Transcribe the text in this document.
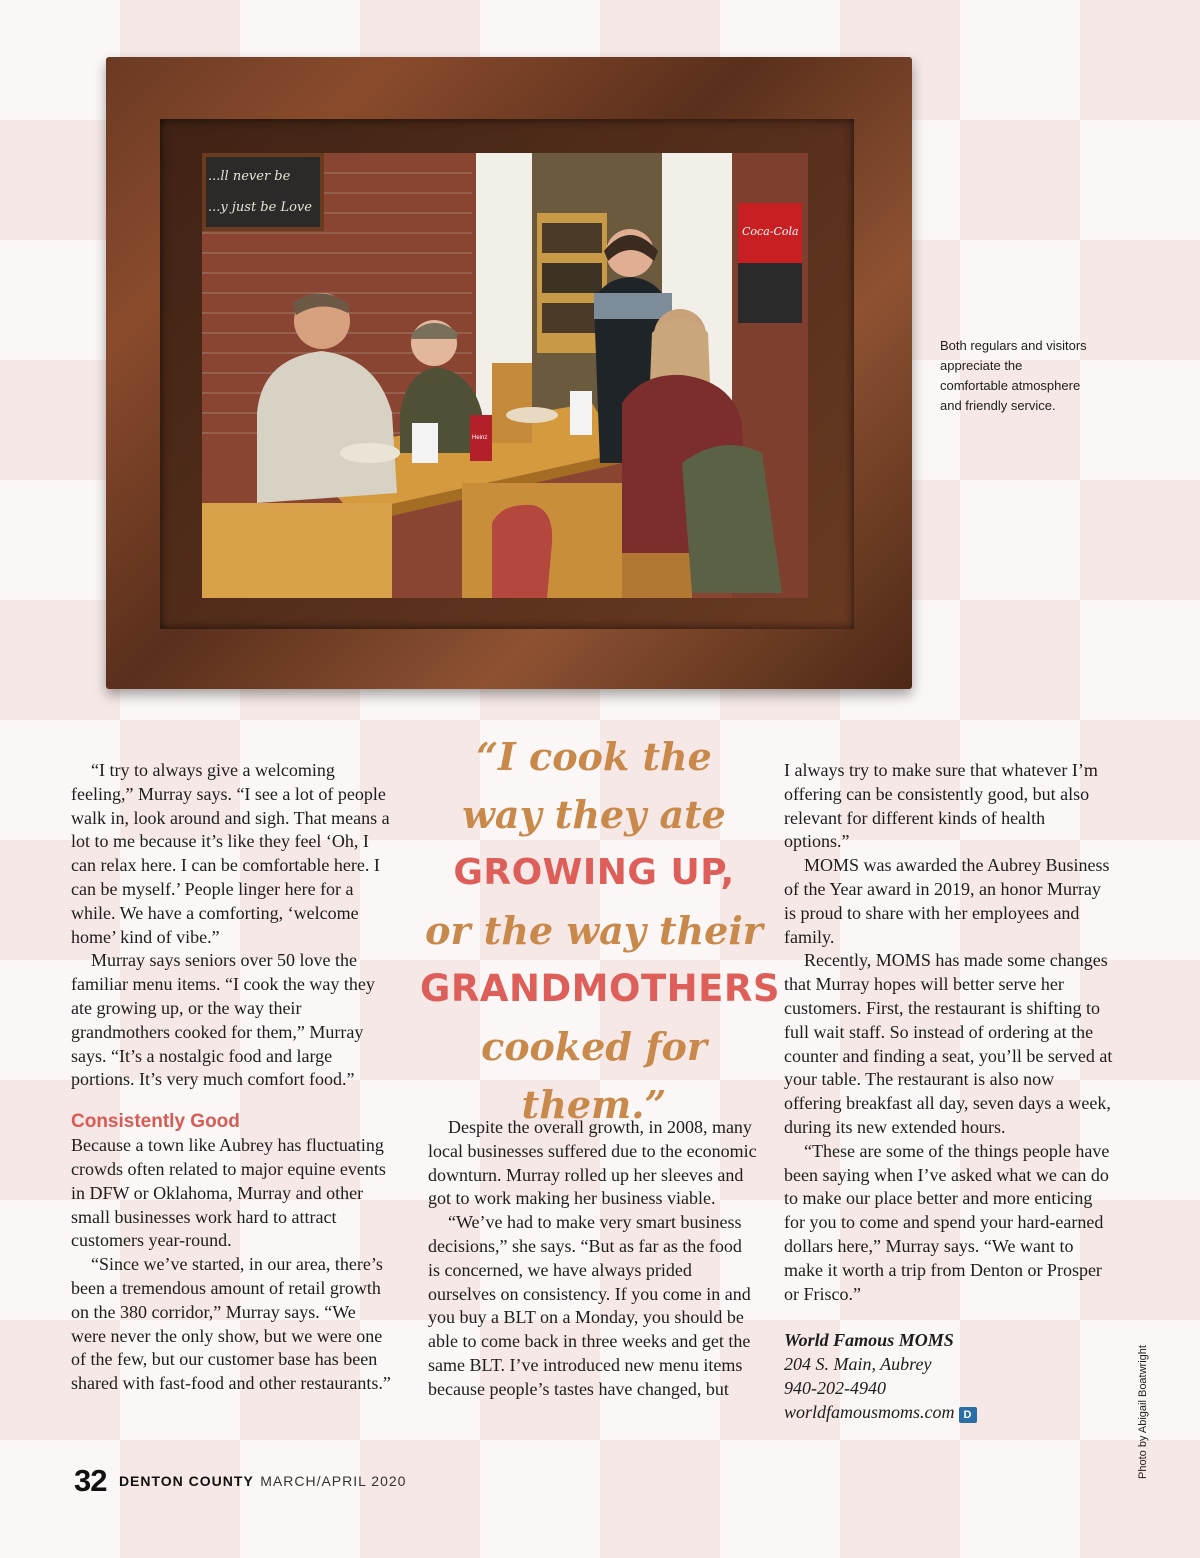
...ll never be
...y just be Love
Coca-Cola
Heinz
Both regulars and visitors appreciate the comfortable atmosphere and friendly service.

“I try to always give a welcoming feeling,” Murray says. “I see a lot of people walk in, look around and sigh. That means a lot to me because it’s like they feel ‘Oh, I can relax here. I can be comfortable here. I can be myself.’ People linger here for a while. We have a comforting, ‘welcome home’ kind of vibe.”

Murray says seniors over 50 love the familiar menu items. “I cook the way they ate growing up, or the way their grandmothers cooked for them,” Murray says. “It’s a nostalgic food and large portions. It’s very much comfort food.”

Consistently Good

Because a town like Aubrey has fluctuating crowds often related to major equine events in DFW or Oklahoma, Murray and other small businesses work hard to attract customers year-round.

“Since we’ve started, in our area, there’s been a tremendous amount of retail growth on the 380 corridor,” Murray says. “We were never the only show, but we were one of the few, but our customer base has been shared with fast-food and other restaurants.”

“I cook the
way they ate
GROWING UP,
or the way their
GRANDMOTHERS
cooked for them.”

Despite the overall growth, in 2008, many local businesses suffered due to the economic downturn. Murray rolled up her sleeves and got to work making her business viable.

“We’ve had to make very smart business decisions,” she says. “But as far as the food is concerned, we have always prided ourselves on consistency. If you come in and you buy a BLT on a Monday, you should be able to come back in three weeks and get the same BLT. I’ve introduced new menu items because people’s tastes have changed, but

I always try to make sure that whatever I’m offering can be consistently good, but also relevant for different kinds of health options.”

MOMS was awarded the Aubrey Business of the Year award in 2019, an honor Murray is proud to share with her employees and family.

Recently, MOMS has made some changes that Murray hopes will better serve her customers. First, the restaurant is shifting to full wait staff. So instead of ordering at the counter and finding a seat, you’ll be served at your table. The restaurant is also now offering breakfast all day, seven days a week, during its new extended hours.

“These are some of the things people have been saying when I’ve asked what we can do to make our place better and more enticing for you to come and spend your hard-earned dollars here,” Murray says. “We want to make it worth a trip from Denton or Prosper or Frisco.”

World Famous MOMS
204 S. Main, Aubrey
940-202-4940
worldfamousmoms.com D	Photo by Abigail Boatwright
32 DENTON COUNTY MARCH/APRIL 2020
